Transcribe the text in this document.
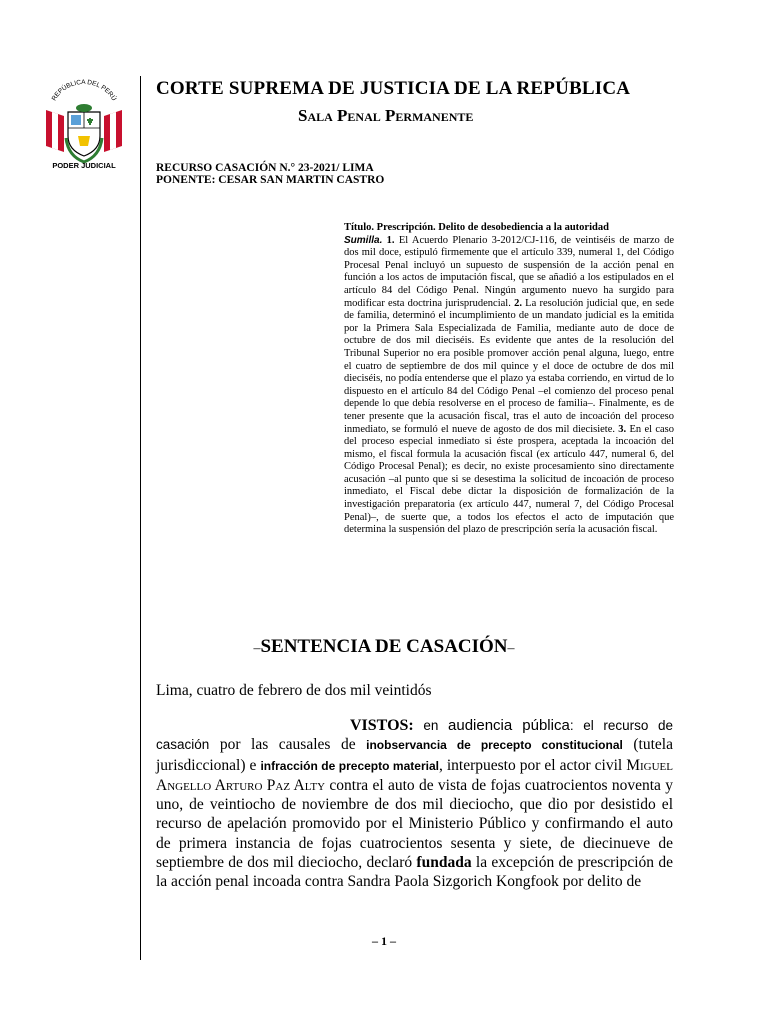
REPÚBLICA DEL PERÚ
PODER JUDICIAL
CORTE SUPREMA DE JUSTICIA DE LA REPÚBLICA
Sala Penal Permanente
RECURSO CASACIÓN N.° 23-2021/ LIMA
PONENTE: CESAR SAN MARTIN CASTRO
Título. Prescripción. Delito de desobediencia a la autoridad
Sumilla. 1. El Acuerdo Plenario 3-2012/CJ-116, de veintiséis de marzo de dos mil doce, estipuló firmemente que el artículo 339, numeral 1, del Código Procesal Penal incluyó un supuesto de suspensión de la acción penal en función a los actos de imputación fiscal, que se añadió a los estipulados en el artículo 84 del Código Penal. Ningún argumento nuevo ha surgido para modificar esta doctrina jurisprudencial. 2. La resolución judicial que, en sede de familia, determinó el incumplimiento de un mandato judicial es la emitida por la Primera Sala Especializada de Familia, mediante auto de doce de octubre de dos mil dieciséis. Es evidente que antes de la resolución del Tribunal Superior no era posible promover acción penal alguna, luego, entre el cuatro de septiembre de dos mil quince y el doce de octubre de dos mil dieciséis, no podía entenderse que el plazo ya estaba corriendo, en virtud de lo dispuesto en el artículo 84 del Código Penal –el comienzo del proceso penal depende lo que debía resolverse en el proceso de familia–. Finalmente, es de tener presente que la acusación fiscal, tras el auto de incoación del proceso inmediato, se formuló el nueve de agosto de dos mil diecisiete. 3. En el caso del proceso especial inmediato si éste prospera, aceptada la incoación del mismo, el fiscal formula la acusación fiscal (ex artículo 447, numeral 6, del Código Procesal Penal); es decir, no existe procesamiento sino directamente acusación –al punto que si se desestima la solicitud de incoación de proceso inmediato, el Fiscal debe dictar la disposición de formalización de la investigación preparatoria (ex artículo 447, numeral 7, del Código Procesal Penal)–, de suerte que, a todos los efectos el acto de imputación que determina la suspensión del plazo de prescripción sería la acusación fiscal.
–SENTENCIA DE CASACIÓN–
Lima, cuatro de febrero de dos mil veintidós
VISTOS: en audiencia pública: el recurso de casación por las causales de inobservancia de precepto constitucional (tutela jurisdiccional) e infracción de precepto material, interpuesto por el actor civil Miguel Angello Arturo Paz Alty contra el auto de vista de fojas cuatrocientos noventa y uno, de veintiocho de noviembre de dos mil dieciocho, que dio por desistido el recurso de apelación promovido por el Ministerio Público y confirmando el auto de primera instancia de fojas cuatrocientos sesenta y siete, de diecinueve de septiembre de dos mil dieciocho, declaró fundada la excepción de prescripción de la acción penal incoada contra Sandra Paola Sizgorich Kongfook por delito de
– 1 –
